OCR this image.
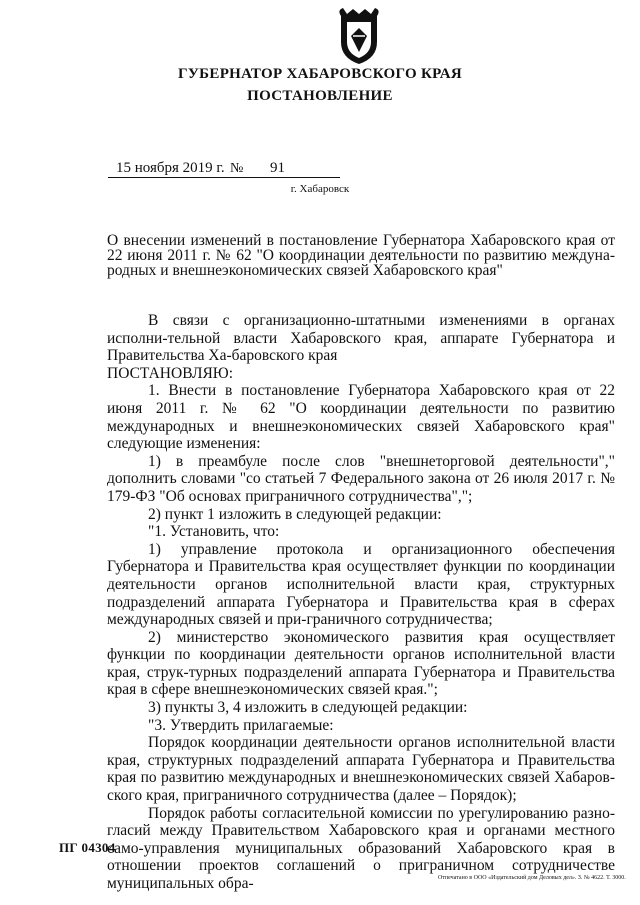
ГУБЕРНАТОР ХАБАРОВСКОГО КРАЯ
ПОСТАНОВЛЕНИЕ
15 ноября 2019 г. № 91
г. Хабаровск
О внесении изменений в постановление Губернатора Хабаровского края от 22 июня 2011 г. № 62 "О координации деятельности по развитию междуна-родных и внешнеэкономических связей Хабаровского края"

В связи с организационно-штатными изменениями в органах исполни-тельной власти Хабаровского края, аппарате Губернатора и Правительства Ха-баровского края

ПОСТАНОВЛЯЮ:

1. Внести в постановление Губернатора Хабаровского края от 22 июня 2011 г. № 62 "О координации деятельности по развитию международных и внешнеэкономических связей Хабаровского края" следующие изменения:

1) в преамбуле после слов "внешнеторговой деятельности"," дополнить словами "со статьей 7 Федерального закона от 26 июля 2017 г. № 179-ФЗ "Об основах приграничного сотрудничества",";

2) пункт 1 изложить в следующей редакции:

"1. Установить, что:

1) управление протокола и организационного обеспечения Губернатора и Правительства края осуществляет функции по координации деятельности органов исполнительной власти края, структурных подразделений аппарата Губернатора и Правительства края в сферах международных связей и при-граничного сотрудничества;

2) министерство экономического развития края осуществляет функции по координации деятельности органов исполнительной власти края, струк-турных подразделений аппарата Губернатора и Правительства края в сфере внешнеэкономических связей края.";

3) пункты 3, 4 изложить в следующей редакции:

"3. Утвердить прилагаемые:

Порядок координации деятельности органов исполнительной власти края, структурных подразделений аппарата Губернатора и Правительства края по развитию международных и внешнеэкономических связей Хабаров-ского края, приграничного сотрудничества (далее – Порядок);

Порядок работы согласительной комиссии по урегулированию разно-гласий между Правительством Хабаровского края и органами местного само-управления муниципальных образований Хабаровского края в отношении проектов соглашений о приграничном сотрудничестве муниципальных обра-

ПГ 04304
Отпечатано в ООО «Издательский дом Деловых дел». З. № 4622. Т. 3000.
